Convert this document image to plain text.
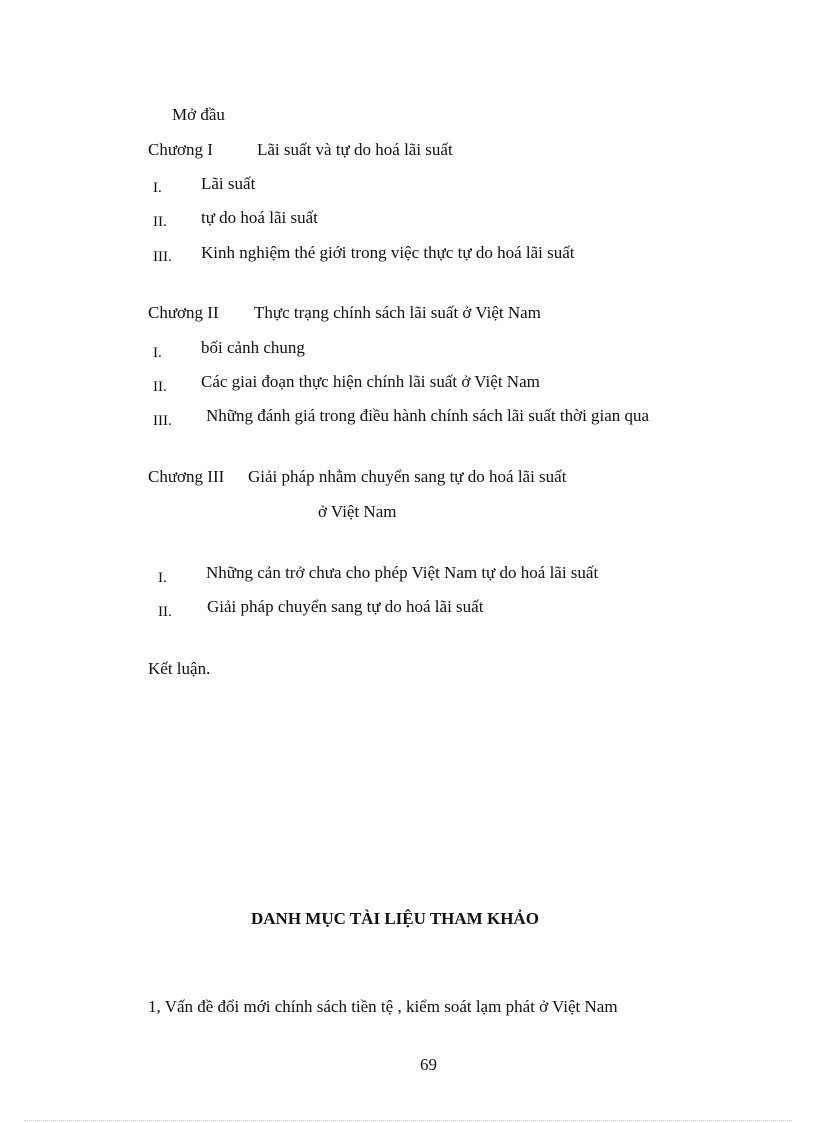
Mở đầu
Chương I	Lãi suất và tự do hoá lãi suất
I. Lãi suất
II. tự do hoá lãi suất
III. Kinh nghiệm thé giới trong việc thực tự do hoá lãi suất
Chương II Thực trạng chính sách lãi suất ở Việt Nam
I. bối cảnh chung
II. Các giai đoạn thực hiện chính lãi suất ở Việt Nam
III. Những đánh giá trong điều hành chính sách lãi suất thời gian qua
Chương III Giải pháp nhằm chuyển sang tự do hoá lãi suất
ở Việt Nam
I. Những cản trở chưa cho phép Việt Nam tự do hoá lãi suất
II. Giải pháp chuyển sang tự do hoá lãi suất
Kết luận.
DANH MỤC TÀI LIỆU THAM KHẢO
1, Vấn đề đổi mới chính sách tiền tệ , kiểm soát lạm phát ở Việt Nam
69
